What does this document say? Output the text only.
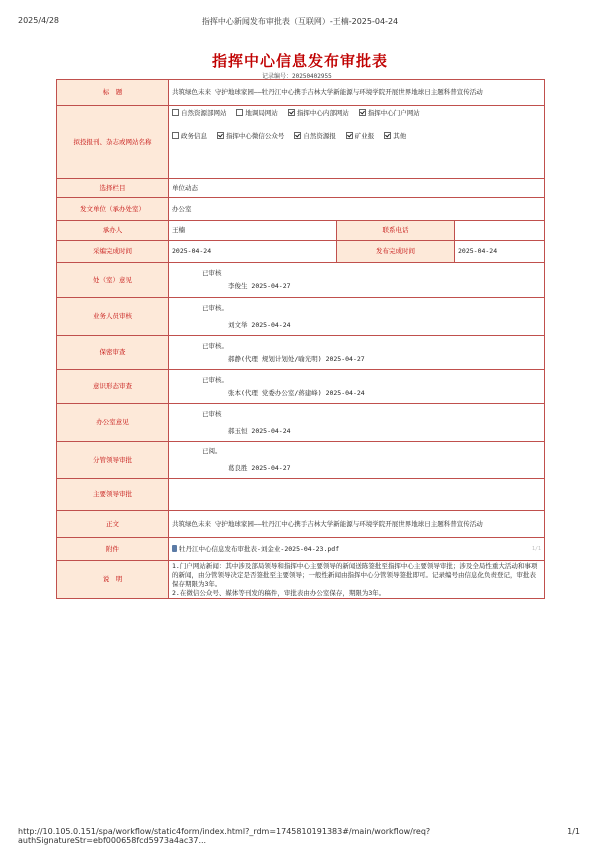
2025/4/28	指挥中心新闻发布审批表（互联网）-王楠-2025-04-24
指挥中心信息发布审批表
记录编号：20250402955
标　题	共筑绿色未来 守护地球家园——牡丹江中心携手吉林大学新能源与环境学院开展世界地球日主题科普宣传活动		
拟投报刊、杂志或网站名称	自然资源部网站 地调局网站 指挥中心内部网站 指挥中心门户网站
政务信息 指挥中心微信公众号 自然资源报 矿业报 其他		

选择栏目	单位动态		
发文单位（承办处室）	办公室		
承办人	王楠	联系电话	
采编完成时间	2025-04-24	发布完成时间	2025-04-24
处（室）意见	已审核
李俊生 2025-04-27		

业务人员审核	已审核。
刘文举 2025-04-24		

保密审查	已审核。
郝静(代理 规划计划处/喻光明) 2025-04-27		

意识形态审查	已审核。
张本(代理 党委办公室/蒋建峰) 2025-04-24		

办公室意见	已审核
郝玉恒 2025-04-24		

分管领导审批	已阅。
葛良胜 2025-04-27		

主要领导审批			

正文	共筑绿色未来 守护地球家园——牡丹江中心携手吉林大学新能源与环境学院开展世界地球日主题科普宣传活动		
附件	牡丹江中心信息发布审批表-刘金业-2025-04-23.pdf 1/1		

说　明	1.门户网站新闻：其中涉及部局领导和指挥中心主要领导的新闻送陈签批至指挥中心主要领导审批；涉及全局性重大活动和事项的新闻，由分管领导决定是否签批至主要领导；一般性新闻由指挥中心分管领导签批即可。记录编号由信息化负责登记，审批表保存期限为3年。
2.在微信公众号、媒体等刊发的稿件，审批表由办公室保存，期限为3年。		
http://10.105.0.151/spa/workflow/static4form/index.html?_rdm=1745810191383#/main/workflow/req?authSignatureStr=ebf000658fcd5973a4ac37...
1/1
